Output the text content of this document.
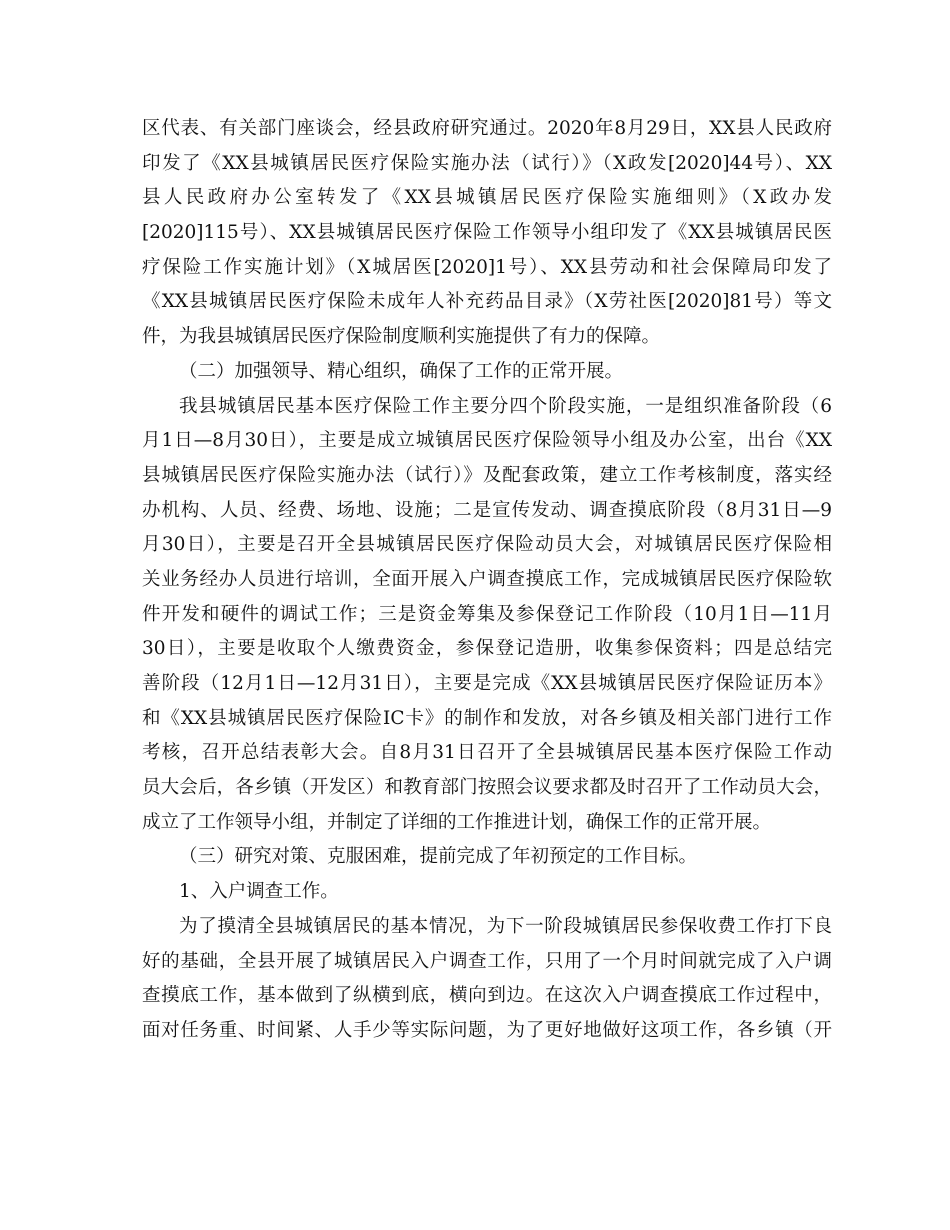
区代表、有关部门座谈会，经县政府研究通过。2020年8月29日，XX县人民政府
印发了《XX县城镇居民医疗保险实施办法（试行）》（X政发[2020]44号）、XX
县人民政府办公室转发了《XX县城镇居民医疗保险实施细则》（X政办发
[2020]115号）、XX县城镇居民医疗保险工作领导小组印发了《XX县城镇居民医
疗保险工作实施计划》（X城居医[2020]1号）、XX县劳动和社会保障局印发了
《XX县城镇居民医疗保险未成年人补充药品目录》（X劳社医[2020]81号）等文
件，为我县城镇居民医疗保险制度顺利实施提供了有力的保障。
（二）加强领导、精心组织，确保了工作的正常开展。
我县城镇居民基本医疗保险工作主要分四个阶段实施，一是组织准备阶段（6
月1日—8月30日），主要是成立城镇居民医疗保险领导小组及办公室，出台《XX
县城镇居民医疗保险实施办法（试行）》及配套政策，建立工作考核制度，落实经
办机构、人员、经费、场地、设施；二是宣传发动、调查摸底阶段（8月31日—9
月30日），主要是召开全县城镇居民医疗保险动员大会，对城镇居民医疗保险相
关业务经办人员进行培训，全面开展入户调查摸底工作，完成城镇居民医疗保险软
件开发和硬件的调试工作；三是资金筹集及参保登记工作阶段（10月1日—11月
30日），主要是收取个人缴费资金，参保登记造册，收集参保资料；四是总结完
善阶段（12月1日—12月31日），主要是完成《XX县城镇居民医疗保险证历本》
和《XX县城镇居民医疗保险IC卡》的制作和发放，对各乡镇及相关部门进行工作
考核，召开总结表彰大会。自8月31日召开了全县城镇居民基本医疗保险工作动
员大会后，各乡镇（开发区）和教育部门按照会议要求都及时召开了工作动员大会，
成立了工作领导小组，并制定了详细的工作推进计划，确保工作的正常开展。
（三）研究对策、克服困难，提前完成了年初预定的工作目标。
1、入户调查工作。
为了摸清全县城镇居民的基本情况，为下一阶段城镇居民参保收费工作打下良
好的基础，全县开展了城镇居民入户调查工作，只用了一个月时间就完成了入户调
查摸底工作，基本做到了纵横到底，横向到边。在这次入户调查摸底工作过程中，
面对任务重、时间紧、人手少等实际问题，为了更好地做好这项工作，各乡镇（开
